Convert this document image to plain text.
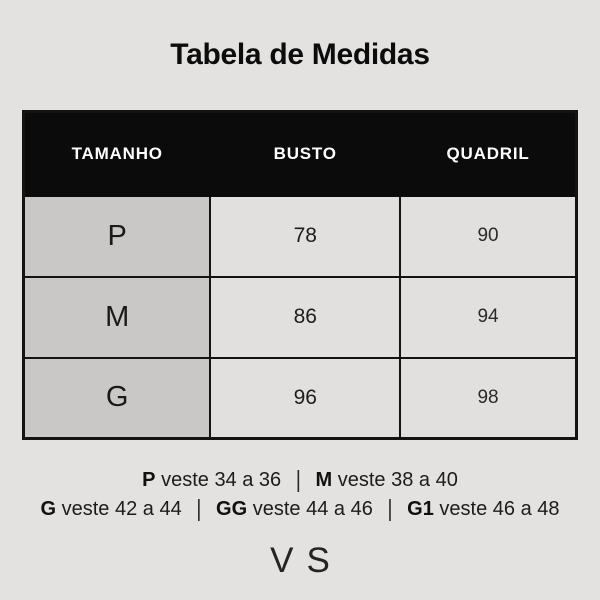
Tabela de Medidas
TAMANHO	BUSTO	QUADRIL
P	78	90
M	86	94
G	96	98
P veste 34 a 36 | M veste 38 a 40
G veste 42 a 44 | GG veste 44 a 46 | G1 veste 46 a 48
VS
